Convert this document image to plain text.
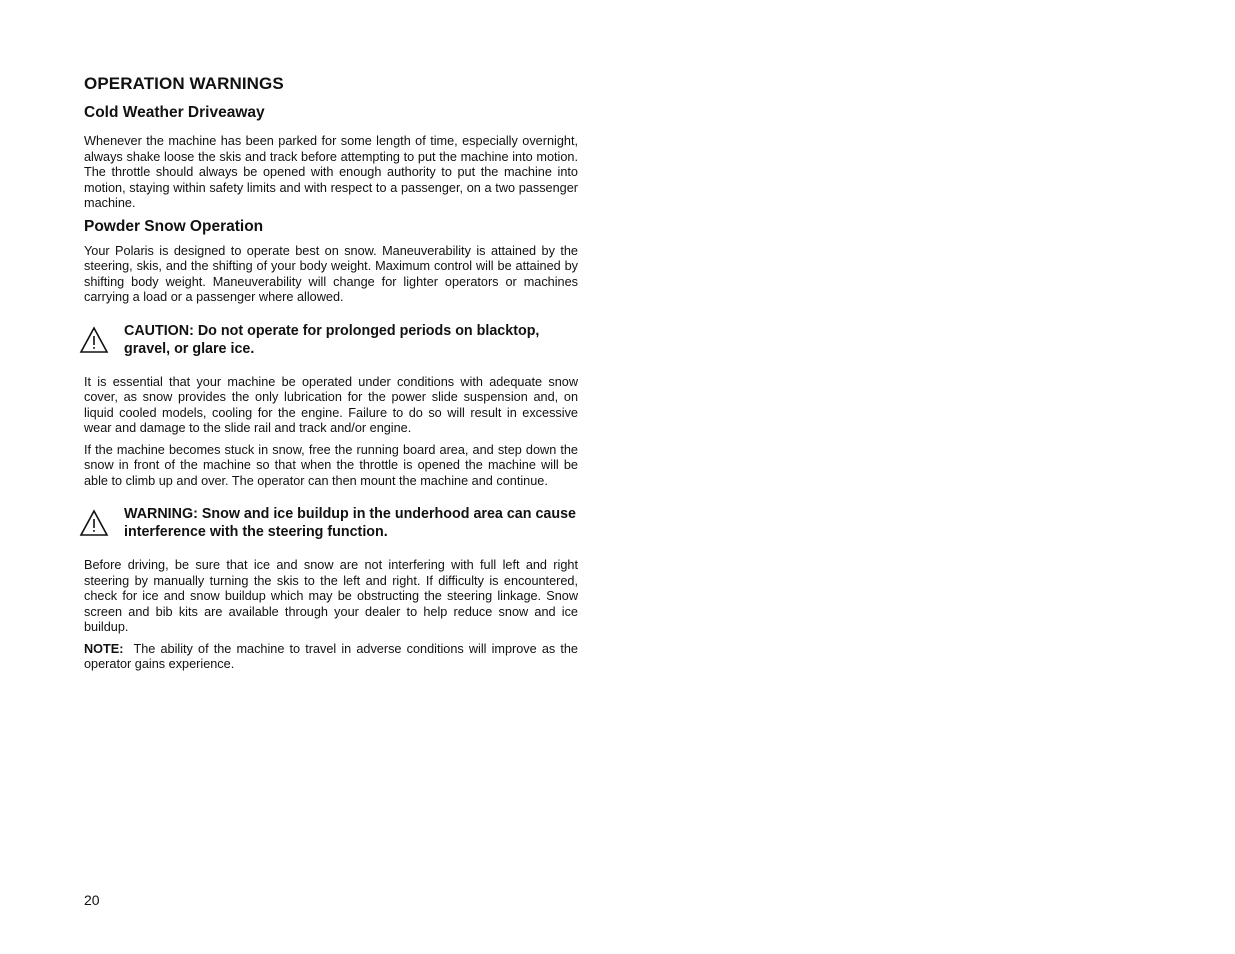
OPERATION WARNINGS
Cold Weather Driveaway

Whenever the machine has been parked for some length of time, especially overnight, always shake loose the skis and track before attempting to put the machine into motion. The throttle should always be opened with enough authority to put the machine into motion, staying within safety limits and with respect to a passenger, on a two passenger machine.

Powder Snow Operation

Your Polaris is designed to operate best on snow. Maneuverability is attained by the steering, skis, and the shifting of your body weight. Maximum control will be attained by shifting body weight. Maneuverability will change for lighter operators or machines carrying a load or a passenger where allowed.

CAUTION: Do not operate for prolonged periods on blacktop, gravel, or glare ice.

It is essential that your machine be operated under conditions with adequate snow cover, as snow provides the only lubrication for the power slide suspension and, on liquid cooled models, cooling for the engine. Failure to do so will result in excessive wear and damage to the slide rail and track and/or engine.

If the machine becomes stuck in snow, free the running board area, and step down the snow in front of the machine so that when the throttle is opened the machine will be able to climb up and over. The operator can then mount the machine and continue.

WARNING: Snow and ice buildup in the underhood area can cause interference with the steering function.

Before driving, be sure that ice and snow are not interfering with full left and right steering by manually turning the skis to the left and right. If difficulty is encountered, check for ice and snow buildup which may be obstructing the steering linkage. Snow screen and bib kits are available through your dealer to help reduce snow and ice buildup.

NOTE: The ability of the machine to travel in adverse conditions will improve as the operator gains experience.

20
